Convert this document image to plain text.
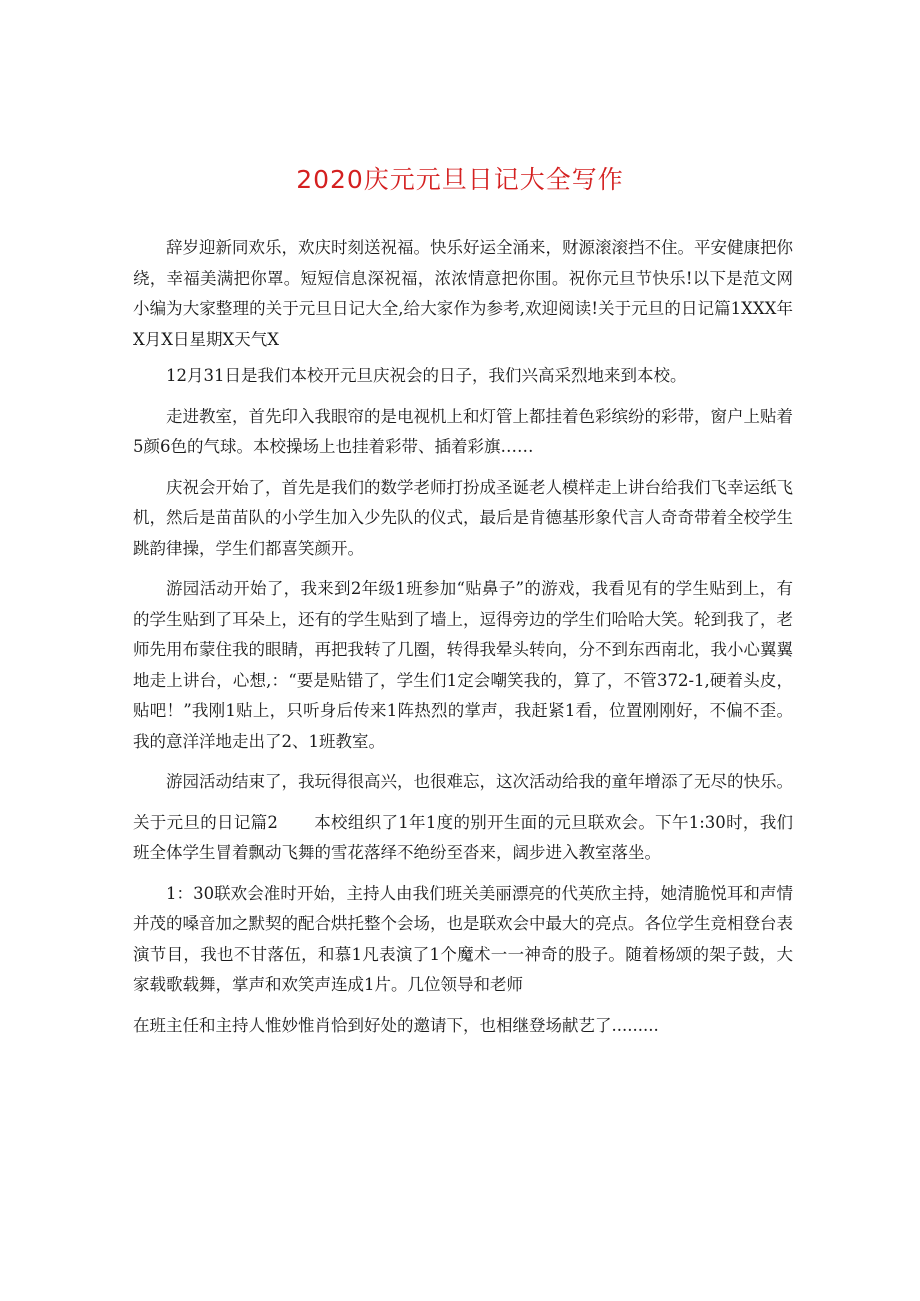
2020庆元元旦日记大全写作

辞岁迎新同欢乐，欢庆时刻送祝福。快乐好运全涌来，财源滚滚挡不住。平安健康把你绕，幸福美满把你罩。短短信息深祝福，浓浓情意把你围。祝你元旦节快乐!以下是范文网小编为大家整理的关于元旦日记大全,给大家作为参考,欢迎阅读!关于元旦的日记篇1XXX年X月X日星期X天气X

12月31日是我们本校开元旦庆祝会的日子，我们兴高采烈地来到本校。

走进教室，首先印入我眼帘的是电视机上和灯管上都挂着色彩缤纷的彩带，窗户上贴着5颜6色的气球。本校操场上也挂着彩带、插着彩旗……

庆祝会开始了，首先是我们的数学老师打扮成圣诞老人模样走上讲台给我们飞幸运纸飞机，然后是苗苗队的小学生加入少先队的仪式，最后是肯德基形象代言人奇奇带着全校学生跳韵律操，学生们都喜笑颜开。

游园活动开始了，我来到2年级1班参加“贴鼻子”的游戏，我看见有的学生贴到上，有的学生贴到了耳朵上，还有的学生贴到了墙上，逗得旁边的学生们哈哈大笑。轮到我了，老师先用布蒙住我的眼睛，再把我转了几圈，转得我晕头转向，分不到东西南北，我小心翼翼地走上讲台，心想,：“要是贴错了，学生们1定会嘲笑我的，算了，不管372-1,硬着头皮，贴吧！”我刚1贴上，只听身后传来1阵热烈的掌声，我赶紧1看，位置刚刚好，不偏不歪。我的意洋洋地走出了2、1班教室。

游园活动结束了，我玩得很高兴，也很难忘，这次活动给我的童年增添了无尽的快乐。

关于元旦的日记篇2 本校组织了1年1度的别开生面的元旦联欢会。下午1:30时，我们班全体学生冒着飘动飞舞的雪花落绎不绝纷至沓来，阔步进入教室落坐。

1：30联欢会准时开始，主持人由我们班关美丽漂亮的代英欣主持，她清脆悦耳和声情并茂的嗓音加之默契的配合烘托整个会场，也是联欢会中最大的亮点。各位学生竞相登台表演节目，我也不甘落伍，和慕1凡表演了1个魔术一一神奇的股子。随着杨颂的架子鼓，大家载歌载舞，掌声和欢笑声连成1片。几位领导和老师

在班主任和主持人惟妙惟肖恰到好处的邀请下，也相继登场献艺了.........
